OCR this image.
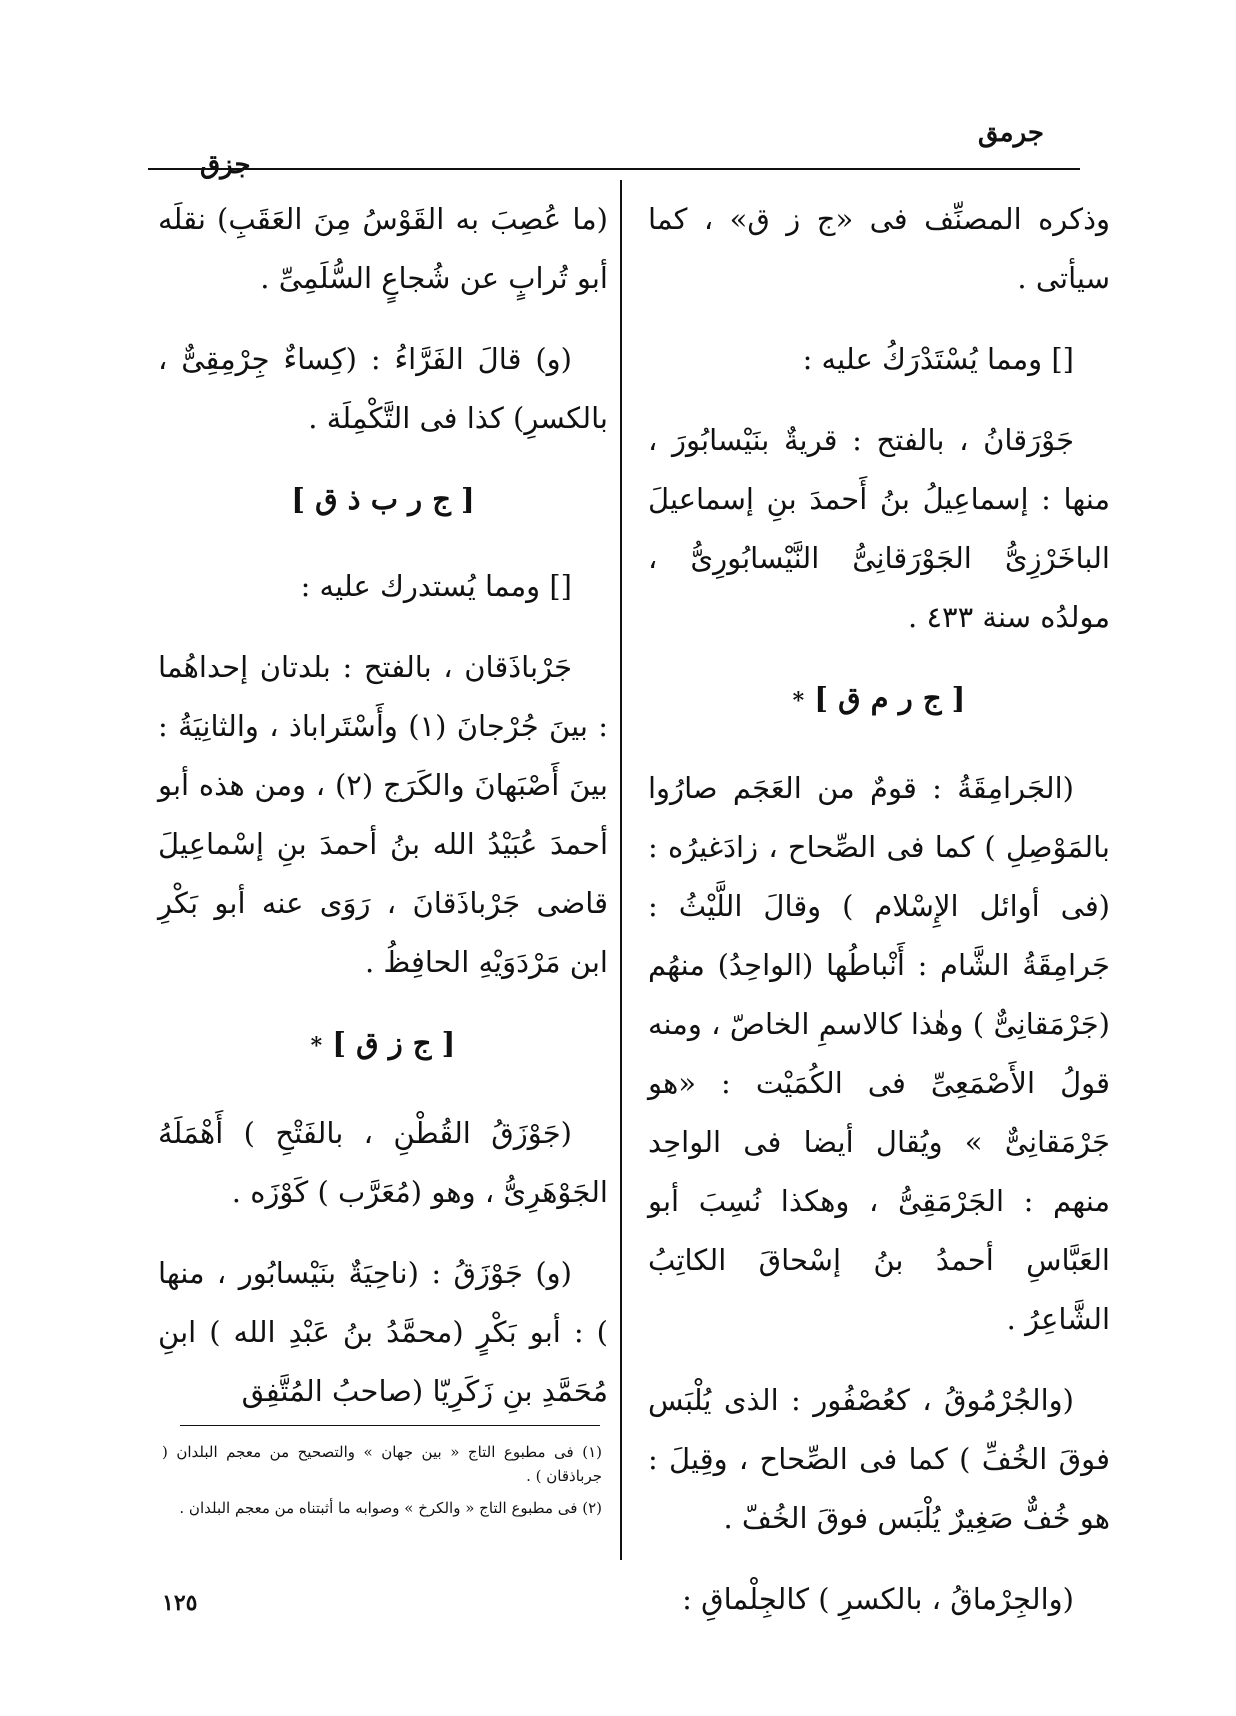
جرمق
جزق

وذكره المصنِّف فى «ج ز ق» ، كما سيأتى .

[] ومما يُسْتَدْرَكُ عليه :

جَوْرَقانُ ، بالفتح : قريةٌ بنَيْسابُورَ ، منها : إسماعِيلُ بنُ أَحمدَ بنِ إسماعيلَ الباخَرْزِىُّ الجَوْرَقانِىُّ النَّيْسابُورِىُّ ، مولدُه سنة ٤٣٣ .

[ ج ر م ق ] *

(الجَرامِقَةُ : قومٌ من العَجَم صارُوا بالمَوْصِلِ ) كما فى الصِّحاح ، زادَغيرُه : (فى أوائل الإِسْلام ) وقالَ اللَّيْثُ : جَرامِقَةُ الشَّام : أَنْباطُها (الواحِدُ) منهُم (جَرْمَقانِىٌّ ) وهٰذا كالاسمِ الخاصّ ، ومنه قولُ الأَصْمَعِىِّ فى الكُمَيْت : «هو جَرْمَقانِىٌّ » ويُقال أيضا فى الواحِد منهم : الجَرْمَقِىُّ ، وهكذا نُسِبَ أبو العَبَّاسِ أحمدُ بنُ إسْحاقَ الكاتِبُ الشَّاعِرُ .

(والجُرْمُوقُ ، كعُصْفُور : الذى يُلْبَس فوقَ الخُفِّ ) كما فى الصِّحاح ، وقِيلَ : هو خُفٌّ صَغِيرٌ يُلْبَس فوقَ الخُفّ .

(والجِرْماقُ ، بالكسرِ ) كالجِلْماقِ :

(ما عُصِبَ به القَوْسُ مِنَ العَقَبِ) نقلَه أبو تُرابٍ عن شُجاعٍ السُّلَمِىِّ .

(و) قالَ الفَرَّاءُ : (كِساءٌ جِرْمِقِىٌّ ، بالكسرِ) كذا فى التَّكْمِلَة .

[ ج ر ب ذ ق ]

[] ومما يُستدرك عليه :

جَرْباذَقان ، بالفتح : بلدتان إحداهُما : بينَ جُرْجانَ (١) وأَسْتَراباذ ، والثانِيَةُ : بينَ أَصْبَهانَ والكَرَج (٢) ، ومن هذه أبو أحمدَ عُبَيْدُ الله بنُ أحمدَ بنِ إسْماعِيلَ قاضى جَرْباذَقانَ ، رَوَى عنه أبو بَكْرِ ابن مَرْدَوَيْهِ الحافِظُ .

[ ج ز ق ] *

(جَوْزَقُ القُطْنِ ، بالفَتْحِ ) أَهْمَلَهُ الجَوْهَرِىُّ ، وهو (مُعَرَّب ) كَوْزَه .

(و) جَوْزَقُ : (ناحِيَةٌ بنَيْسابُور ، منها ) : أبو بَكْرٍ (محمَّدُ بنُ عَبْدِ الله ) ابنِ مُحَمَّدِ بنِ زَكَرِيّا (صاحبُ المُتَّفِق

(١) فى مطبوع التاج « بين جهان » والتصحيح من معجم البلدان ( جرباذقان ) .
(٢) فى مطبوع التاج « والكرخ » وصوابه ما أثبتناه من معجم البلدان .
١٢٥
